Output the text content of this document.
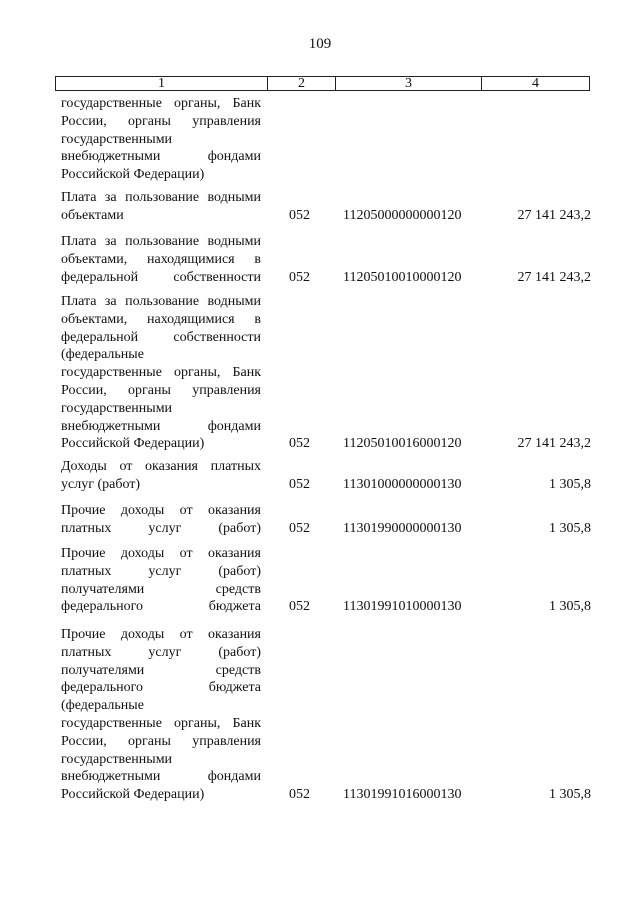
109
1	2	3	4
государственные органы, Банк
России, органы управления
государственными
внебюджетными фондами
Российской Федерации)
Плата за пользование водными
объектами	052 11205000000000120	27 141 243,2
Плата за пользование водными
объектами, находящимися в
федеральной собственности 052 11205010010000120	27 141 243,2
Плата за пользование водными
объектами, находящимися в
федеральной собственности
(федеральные
государственные органы, Банк
России, органы управления
государственными
внебюджетными фондами
Российской Федерации)	052 11205010016000120	27 141 243,2
Доходы от оказания платных
услуг (работ)	052 11301000000000130	1 305,8
Прочие доходы от оказания
платных услуг (работ) 052 11301990000000130	1 305,8
Прочие доходы от оказания
платных услуг (работ)
получателями средств
федерального бюджета 052 11301991010000130	1 305,8
Прочие доходы от оказания
платных услуг (работ)
получателями средств
федерального бюджета
(федеральные
государственные органы, Банк
России, органы управления
государственными
внебюджетными фондами
Российской Федерации)	052 11301991016000130	1 305,8
